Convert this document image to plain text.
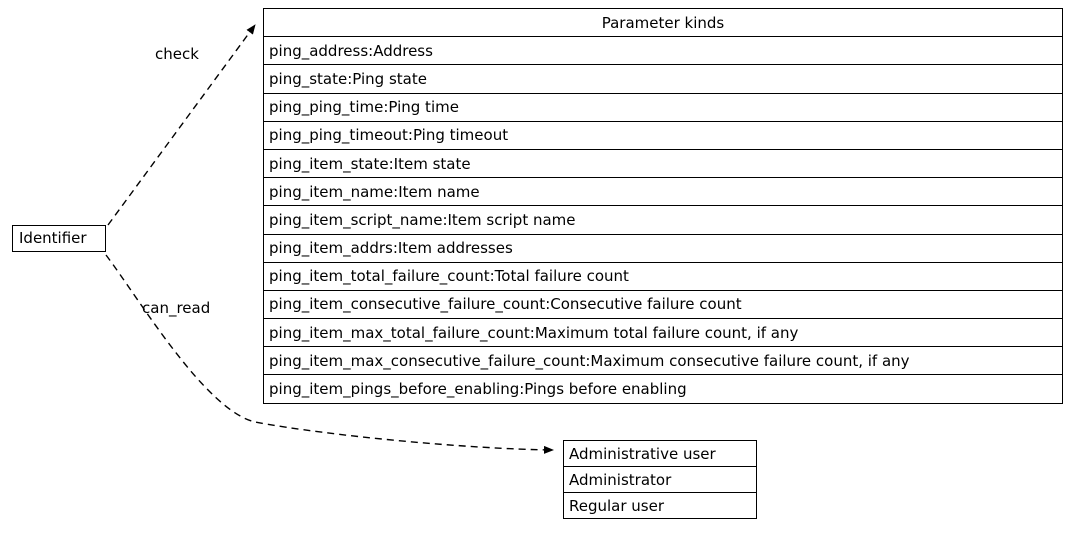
Identifier
Parameter kinds
ping_address:Address
ping_state:Ping state
ping_ping_time:Ping time
ping_ping_timeout:Ping timeout
ping_item_state:Item state
ping_item_name:Item name
ping_item_script_name:Item script name
ping_item_addrs:Item addresses
ping_item_total_failure_count:Total failure count
ping_item_consecutive_failure_count:Consecutive failure count
ping_item_max_total_failure_count:Maximum total failure count, if any
ping_item_max_consecutive_failure_count:Maximum consecutive failure count, if any
ping_item_pings_before_enabling:Pings before enabling
Administrative user
Administrator
Regular user
check
can_read
